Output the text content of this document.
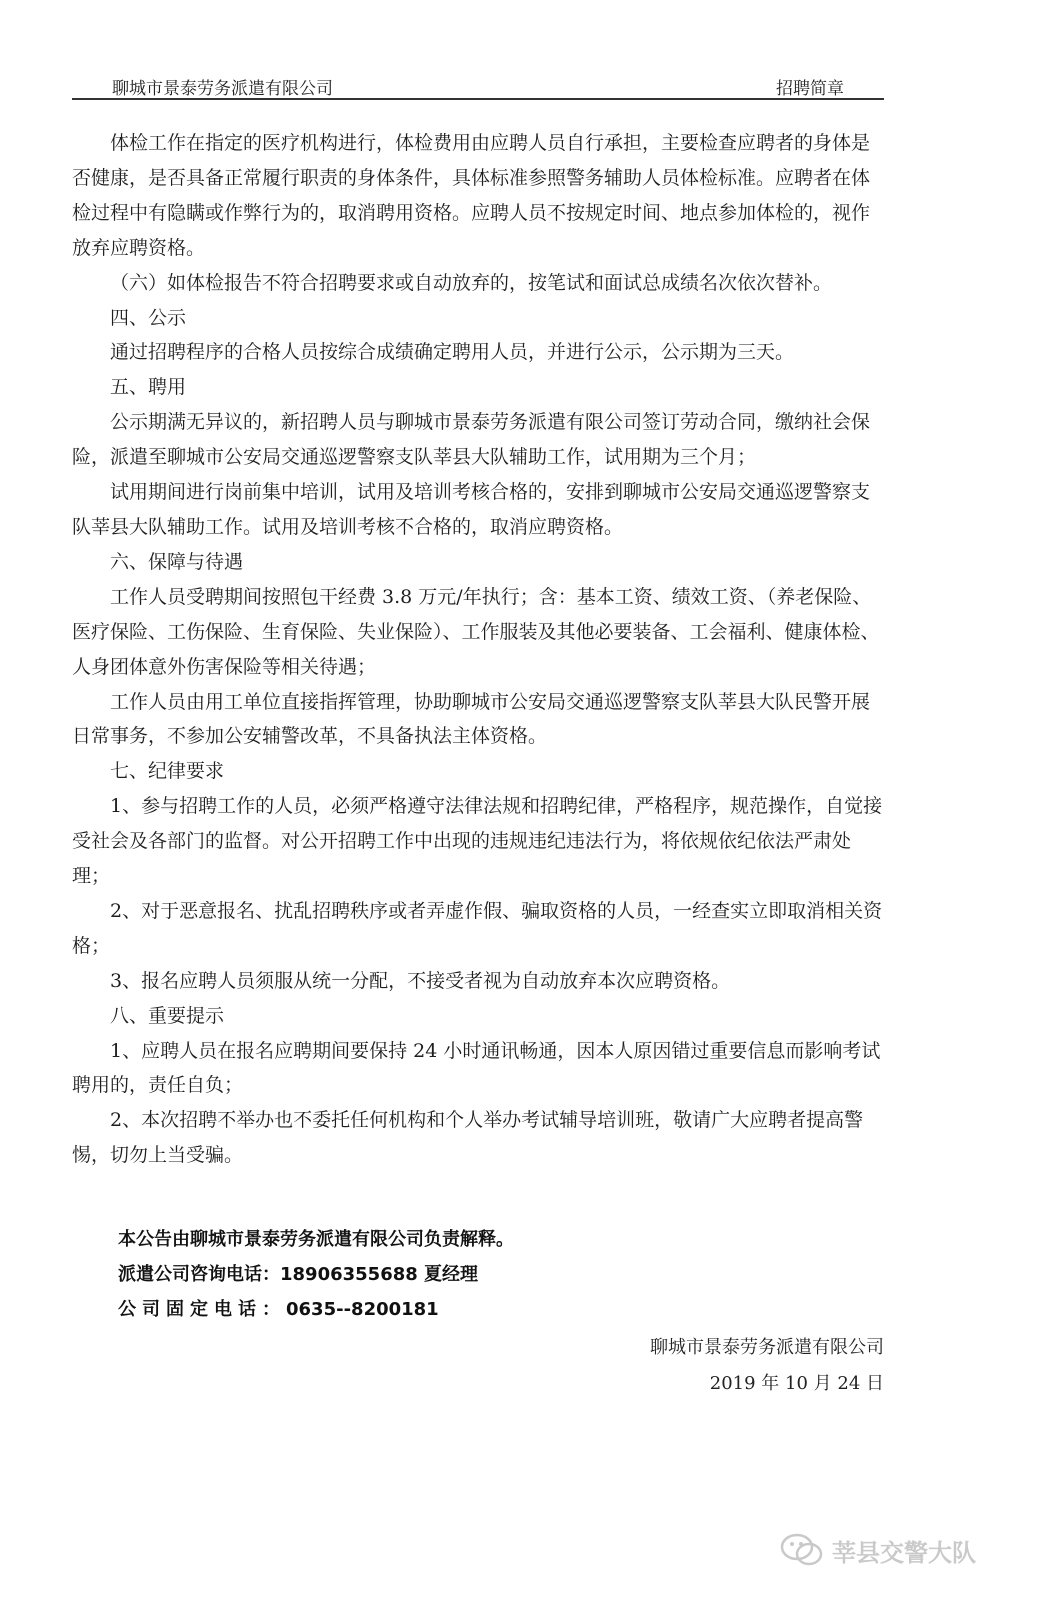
聊城市景泰劳务派遣有限公司	招聘简章

体检工作在指定的医疗机构进行，体检费用由应聘人员自行承担，主要检查应聘者的身体是否健康，是否具备正常履行职责的身体条件，具体标准参照警务辅助人员体检标准。应聘者在体检过程中有隐瞒或作弊行为的，取消聘用资格。应聘人员不按规定时间、地点参加体检的，视作放弃应聘资格。

（六）如体检报告不符合招聘要求或自动放弃的，按笔试和面试总成绩名次依次替补。

四、公示

通过招聘程序的合格人员按综合成绩确定聘用人员，并进行公示，公示期为三天。

五、聘用

公示期满无异议的，新招聘人员与聊城市景泰劳务派遣有限公司签订劳动合同，缴纳社会保险，派遣至聊城市公安局交通巡逻警察支队莘县大队辅助工作，试用期为三个月；

试用期间进行岗前集中培训，试用及培训考核合格的，安排到聊城市公安局交通巡逻警察支队莘县大队辅助工作。试用及培训考核不合格的，取消应聘资格。

六、保障与待遇

工作人员受聘期间按照包干经费 3.8 万元/年执行；含：基本工资、绩效工资、（养老保险、医疗保险、工伤保险、生育保险、失业保险）、工作服装及其他必要装备、工会福利、健康体检、人身团体意外伤害保险等相关待遇；

工作人员由用工单位直接指挥管理，协助聊城市公安局交通巡逻警察支队莘县大队民警开展日常事务，不参加公安辅警改革，不具备执法主体资格。

七、纪律要求

1、参与招聘工作的人员，必须严格遵守法律法规和招聘纪律，严格程序，规范操作，自觉接受社会及各部门的监督。对公开招聘工作中出现的违规违纪违法行为，将依规依纪依法严肃处理；

2、对于恶意报名、扰乱招聘秩序或者弄虚作假、骗取资格的人员，一经查实立即取消相关资格；

3、报名应聘人员须服从统一分配，不接受者视为自动放弃本次应聘资格。

八、重要提示

1、应聘人员在报名应聘期间要保持 24 小时通讯畅通，因本人原因错过重要信息而影响考试聘用的，责任自负；

2、本次招聘不举办也不委托任何机构和个人举办考试辅导培训班，敬请广大应聘者提高警惕，切勿上当受骗。

本公告由聊城市景泰劳务派遣有限公司负责解释。

派遣公司咨询电话：18906355688 夏经理

公司固定电话：0635--8200181

聊城市景泰劳务派遣有限公司

2019 年 10 月 24 日

莘县交警大队
